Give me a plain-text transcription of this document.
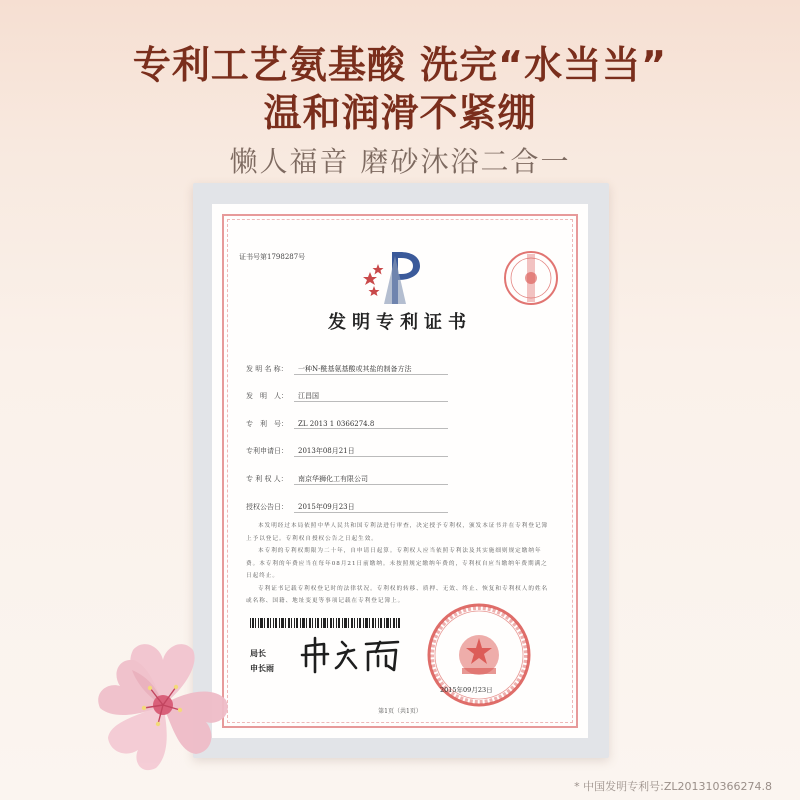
专利工艺氨基酸 洗完“水当当”
温和润滑不紧绷
懒人福音 磨砂沐浴二合一
证书号第1798287号
发明专利证书
发 明 名 称： 一种N-酰基氨基酸或其盐的制备方法
发　明　人： 江昌国
专　利　号： ZL 2013 1 0366274.8
专利申请日： 2013年08月21日
专 利 权 人： 南京华狮化工有限公司
授权公告日： 2015年09月23日
本发明经过本局依照中华人民共和国专利法进行审查，决定授予专利权，颁发本证书并在专利登记簿上予以登记。专利权自授权公告之日起生效。
本专利的专利权期限为二十年，自申请日起算。专利权人应当依照专利法及其实施细则规定缴纳年费。本专利的年费应当在每年08月21日前缴纳。未按照规定缴纳年费的，专利权自应当缴纳年费期满之日起终止。
专利证书记载专利权登记时的法律状况。专利权的转移、质押、无效、终止、恢复和专利权人的姓名或名称、国籍、地址变更等事项记载在专利登记簿上。
局长
申长雨
2015年09月23日
第1页（共1页）
* 中国发明专利号:ZL201310366274.8
